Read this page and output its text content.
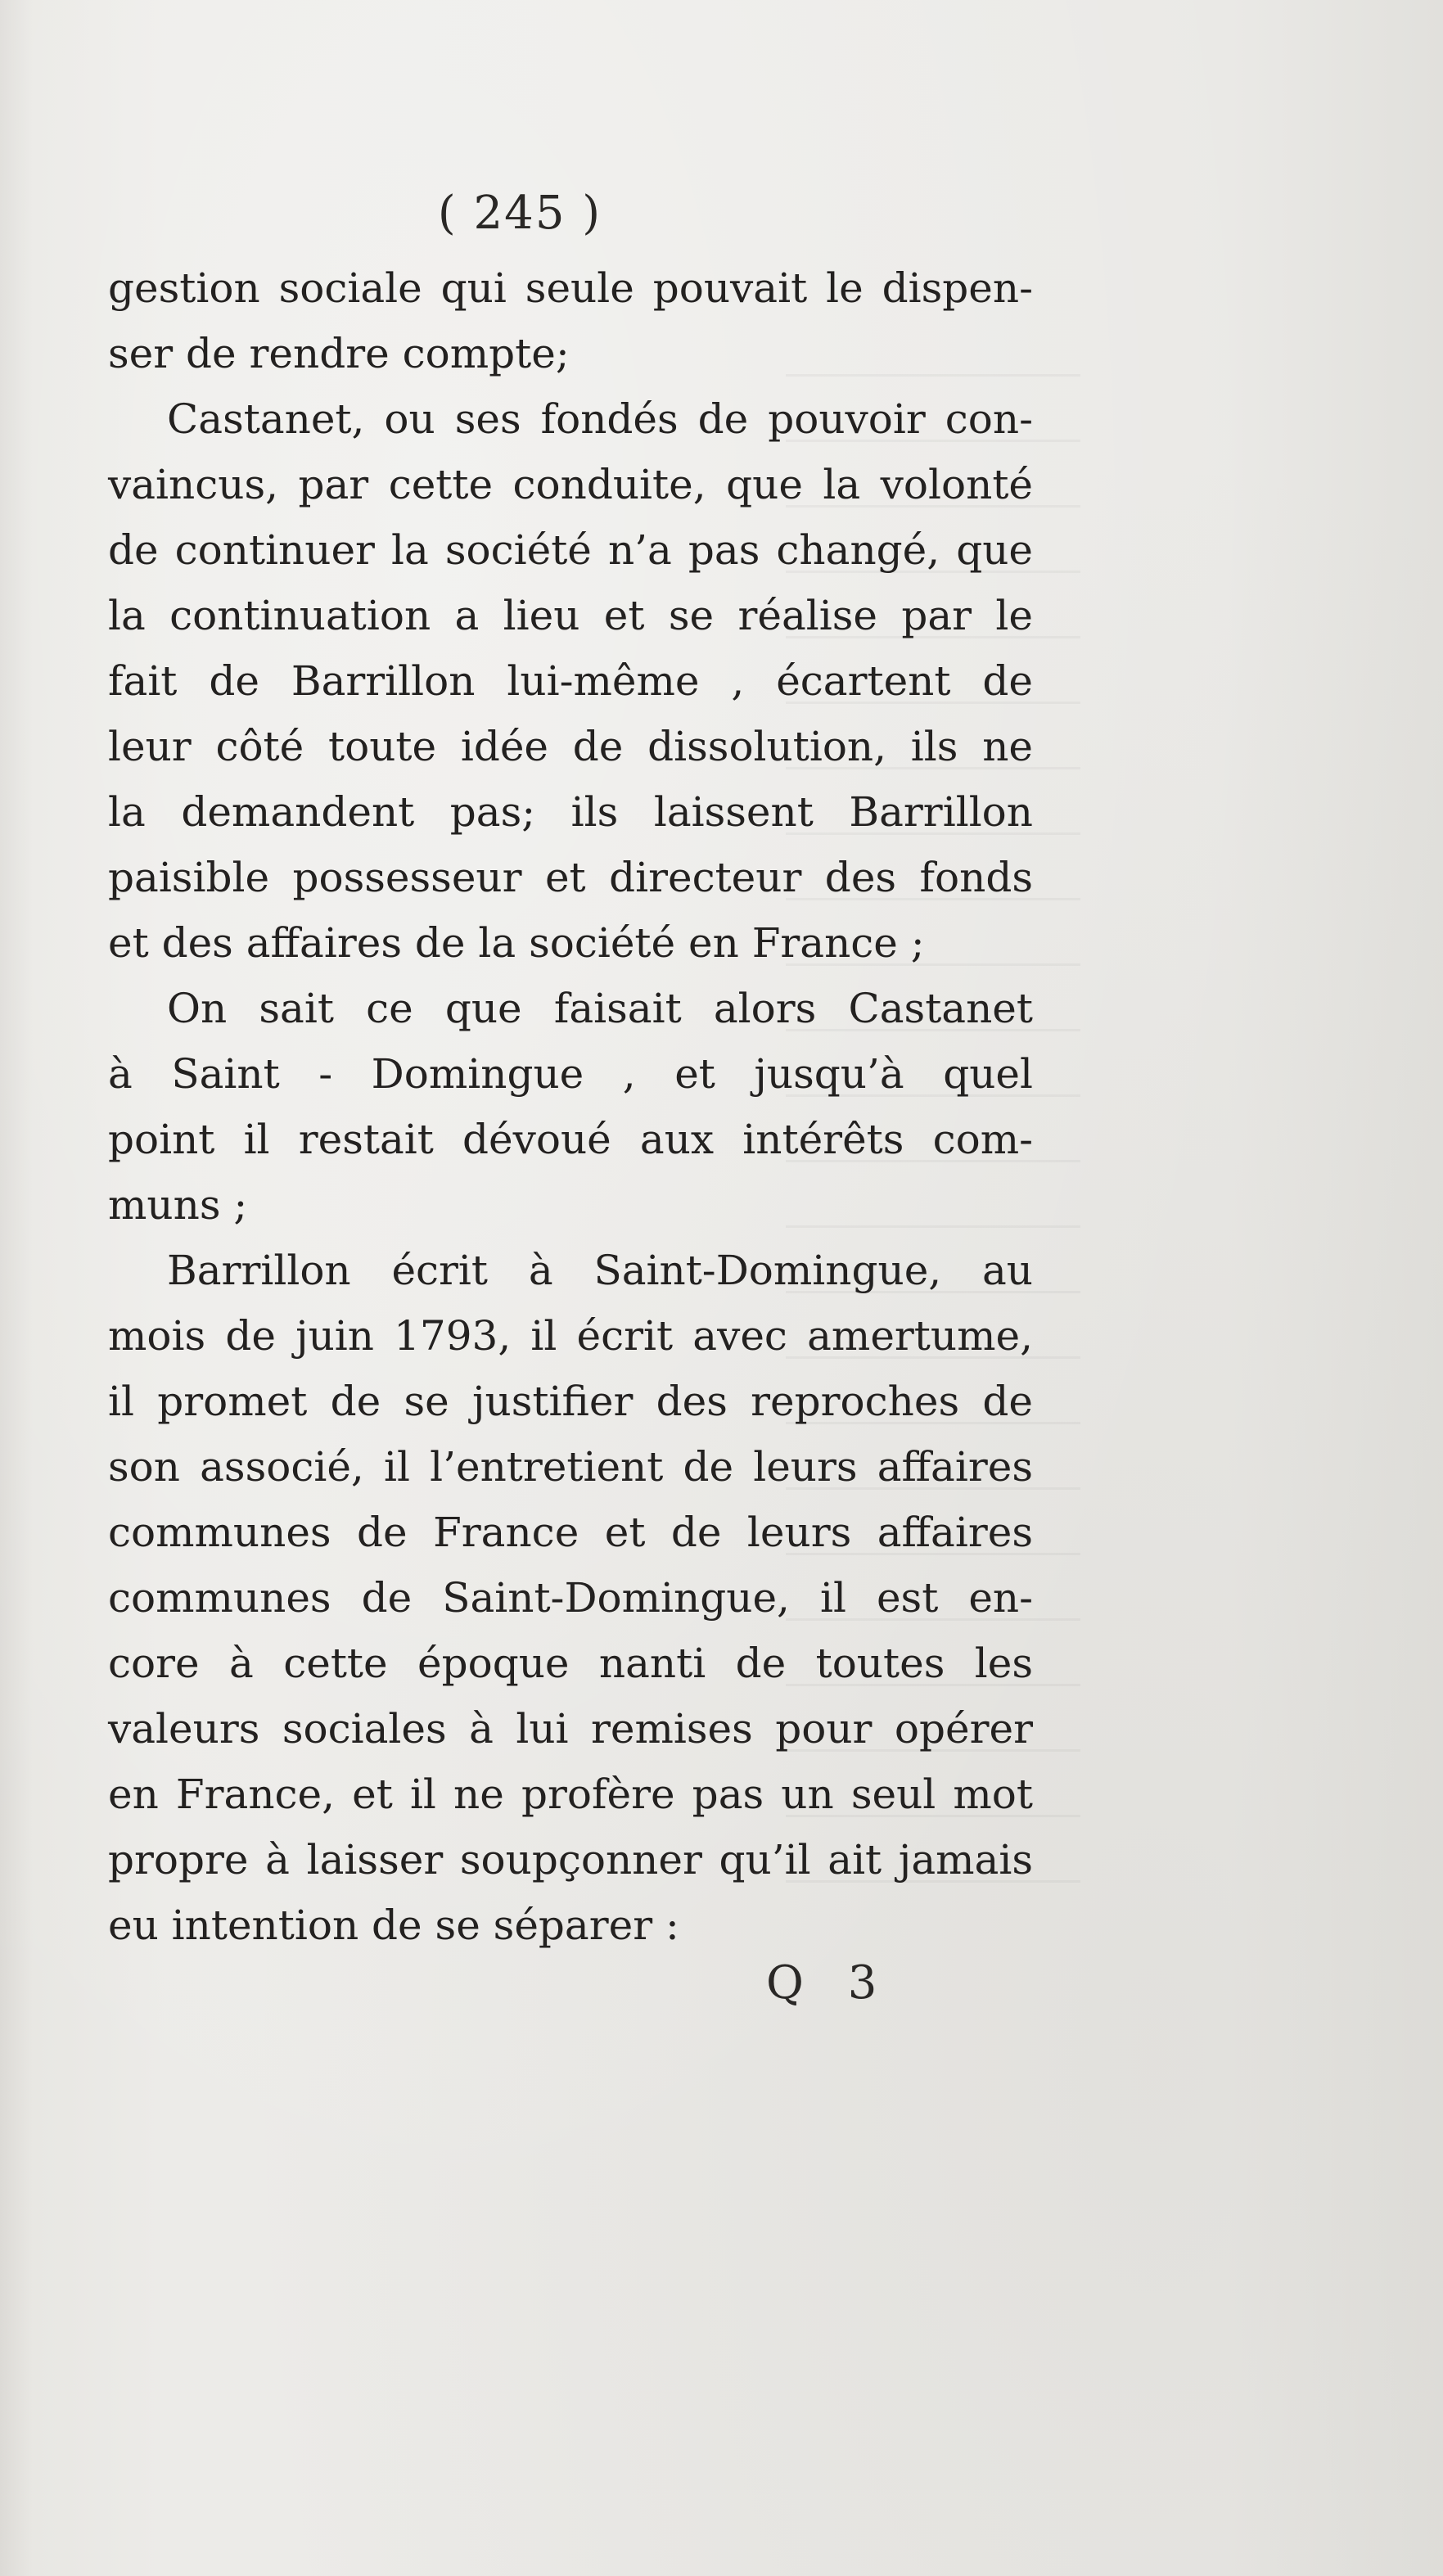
( 245 )
gestion sociale qui seule pouvait le dispen-
ser de rendre compte;
Castanet, ou ses fondés de pouvoir con-
vaincus, par cette conduite, que la volonté
de continuer la société n’a pas changé, que
la continuation a lieu et se réalise par le
fait de Barrillon lui-même , écartent de
leur côté toute idée de dissolution, ils ne
la demandent pas; ils laissent Barrillon
paisible possesseur et directeur des fonds
et des affaires de la société en France ;
On sait ce que faisait alors Castanet
à Saint - Domingue , et jusqu’à quel
point il restait dévoué aux intérêts com-
muns ;
Barrillon écrit à Saint-Domingue, au
mois de juin 1793, il écrit avec amertume,
il promet de se justifier des reproches de
son associé, il l’entretient de leurs affaires
communes de France et de leurs affaires
communes de Saint-Domingue, il est en-
core à cette époque nanti de toutes les
valeurs sociales à lui remises pour opérer
en France, et il ne profère pas un seul mot
propre à laisser soupçonner qu’il ait jamais
eu intention de se séparer :
Q 3
